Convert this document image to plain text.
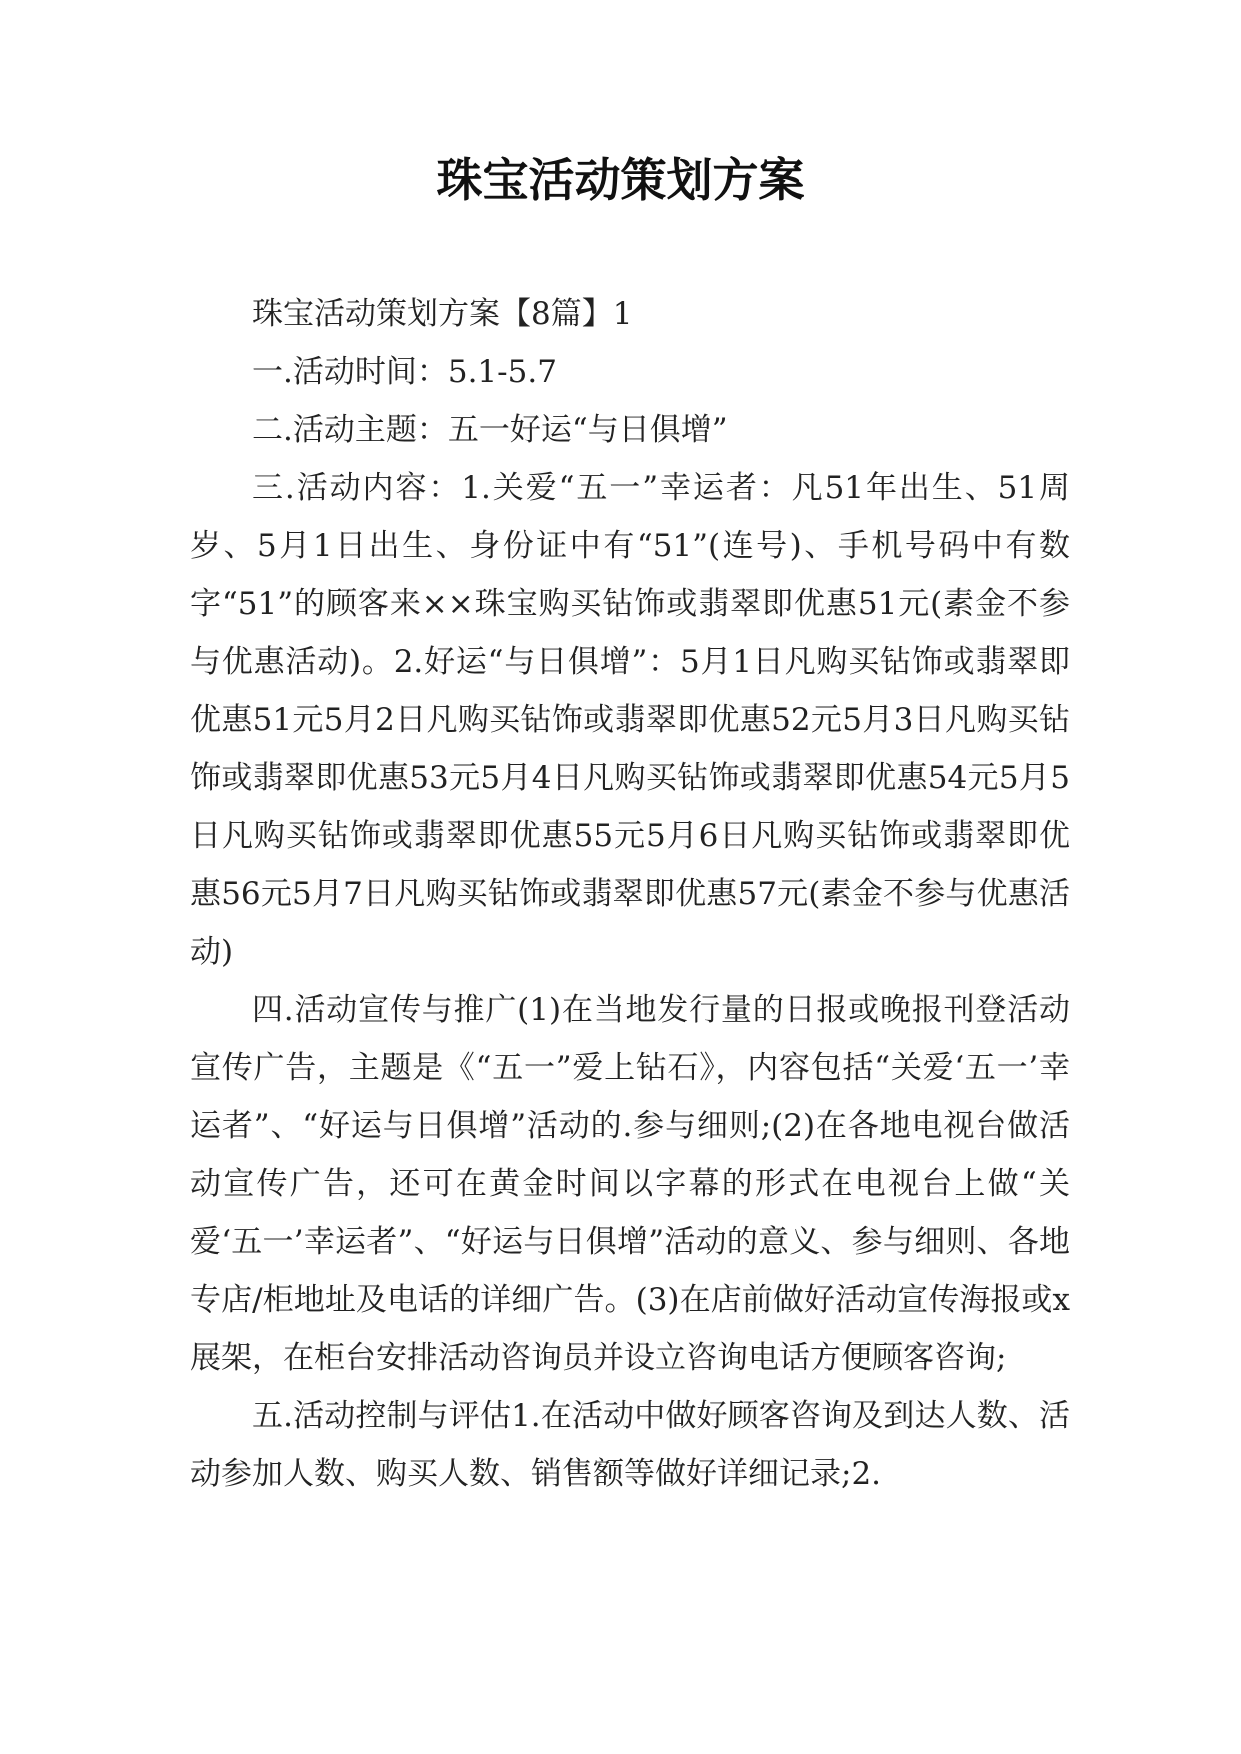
珠宝活动策划方案

珠宝活动策划方案【8篇】1

一.活动时间：5.1-5.7

二.活动主题：五一好运“与日俱增”

三.活动内容：1.关爱“五一”幸运者：凡51年出生、51周岁、5月1日出生、身份证中有“51”(连号)、手机号码中有数字“51”的顾客来××珠宝购买钻饰或翡翠即优惠51元(素金不参与优惠活动)。2.好运“与日俱增”：5月1日凡购买钻饰或翡翠即优惠51元5月2日凡购买钻饰或翡翠即优惠52元5月3日凡购买钻饰或翡翠即优惠53元5月4日凡购买钻饰或翡翠即优惠54元5月5日凡购买钻饰或翡翠即优惠55元5月6日凡购买钻饰或翡翠即优惠56元5月7日凡购买钻饰或翡翠即优惠57元(素金不参与优惠活动)

四.活动宣传与推广(1)在当地发行量的日报或晚报刊登活动宣传广告，主题是《“五一”爱上钻石》，内容包括“关爱‘五一’幸运者”、“好运与日俱增”活动的.参与细则;(2)在各地电视台做活动宣传广告，还可在黄金时间以字幕的形式在电视台上做“关爱‘五一’幸运者”、“好运与日俱增”活动的意义、参与细则、各地专店/柜地址及电话的详细广告。(3)在店前做好活动宣传海报或x展架，在柜台安排活动咨询员并设立咨询电话方便顾客咨询;

五.活动控制与评估1.在活动中做好顾客咨询及到达人数、活动参加人数、购买人数、销售额等做好详细记录;2.
